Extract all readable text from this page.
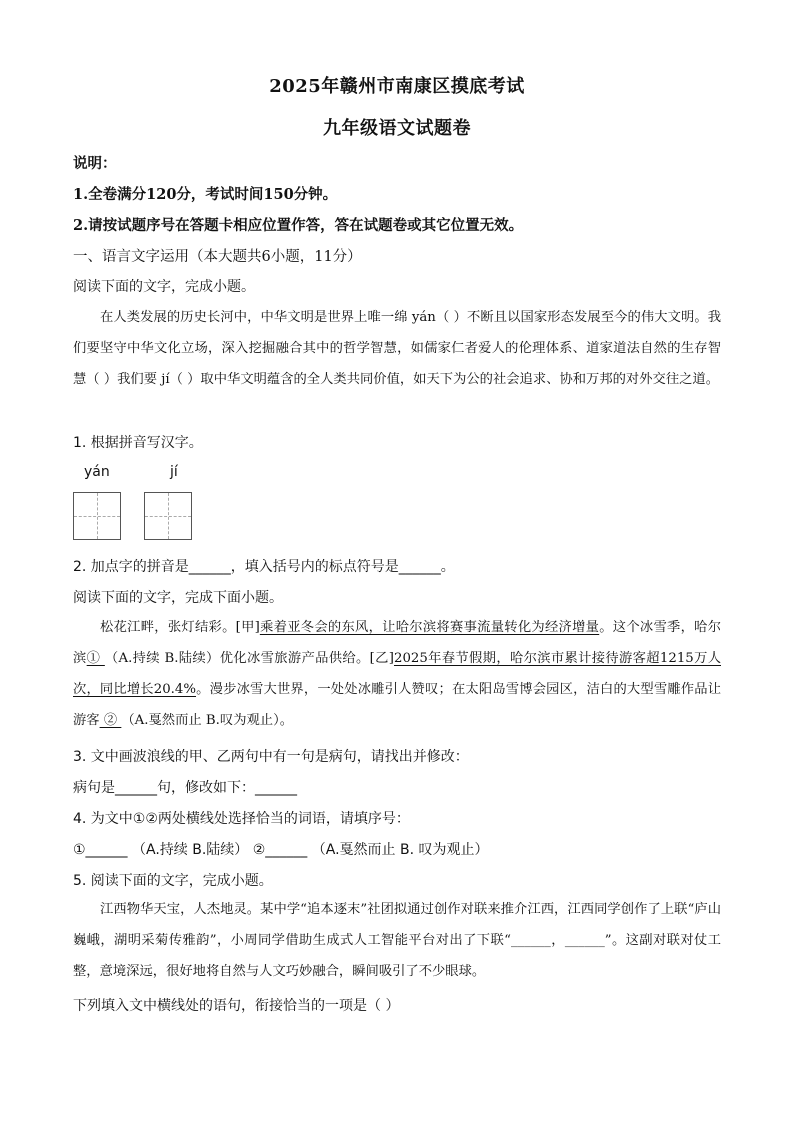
2025年赣州市南康区摸底考试
九年级语文试题卷
说明：
1.全卷满分120分，考试时间150分钟。
2.请按试题序号在答题卡相应位置作答，答在试题卷或其它位置无效。
一、语言文字运用（本大题共6小题，11分）
阅读下面的文字，完成小题。
在人类发展的历史长河中，中华文明是世界上唯一绵 yán（ ）不断且以国家形态发展至今的伟大文明。我们要坚守中华文化立场，深入挖掘融合其中的哲学智慧，如儒家仁者爱人的伦理体系、道家道法自然的生存智慧（ ）我们要 jí（ ）取中华文明蕴含的全人类共同价值，如天下为公的社会追求、协和万邦的对外交往之道。
1. 根据拼音写汉字。
yán	jí
2. 加点字的拼音是______，填入括号内的标点符号是______。
阅读下面的文字，完成下面小题。
松花江畔，张灯结彩。[甲]乘着亚冬会的东风，让哈尔滨将赛事流量转化为经济增量。这个冰雪季，哈尔滨① （A.持续 B.陆续）优化冰雪旅游产品供给。[乙]2025年春节假期，哈尔滨市累计接待游客超1215万人次，同比增长20.4%。漫步冰雪大世界，一处处冰雕引人赞叹；在太阳岛雪博会园区，洁白的大型雪雕作品让游客 ② （A.戛然而止 B.叹为观止）。
3. 文中画波浪线的甲、乙两句中有一句是病句，请找出并修改：
病句是______句，修改如下：______
4. 为文中①②两处横线处选择恰当的词语，请填序号：
①______ （A.持续 B.陆续） ②______ （A.戛然而止 B. 叹为观止）
5. 阅读下面的文字，完成小题。
江西物华天宝，人杰地灵。某中学“追本逐末”社团拟通过创作对联来推介江西，江西同学创作了上联“庐山巍峨，湖明采菊传雅韵”，小周同学借助生成式人工智能平台对出了下联“______，______”。这副对联对仗工整，意境深远，很好地将自然与人文巧妙融合，瞬间吸引了不少眼球。
下列填入文中横线处的语句，衔接恰当的一项是（ ）
